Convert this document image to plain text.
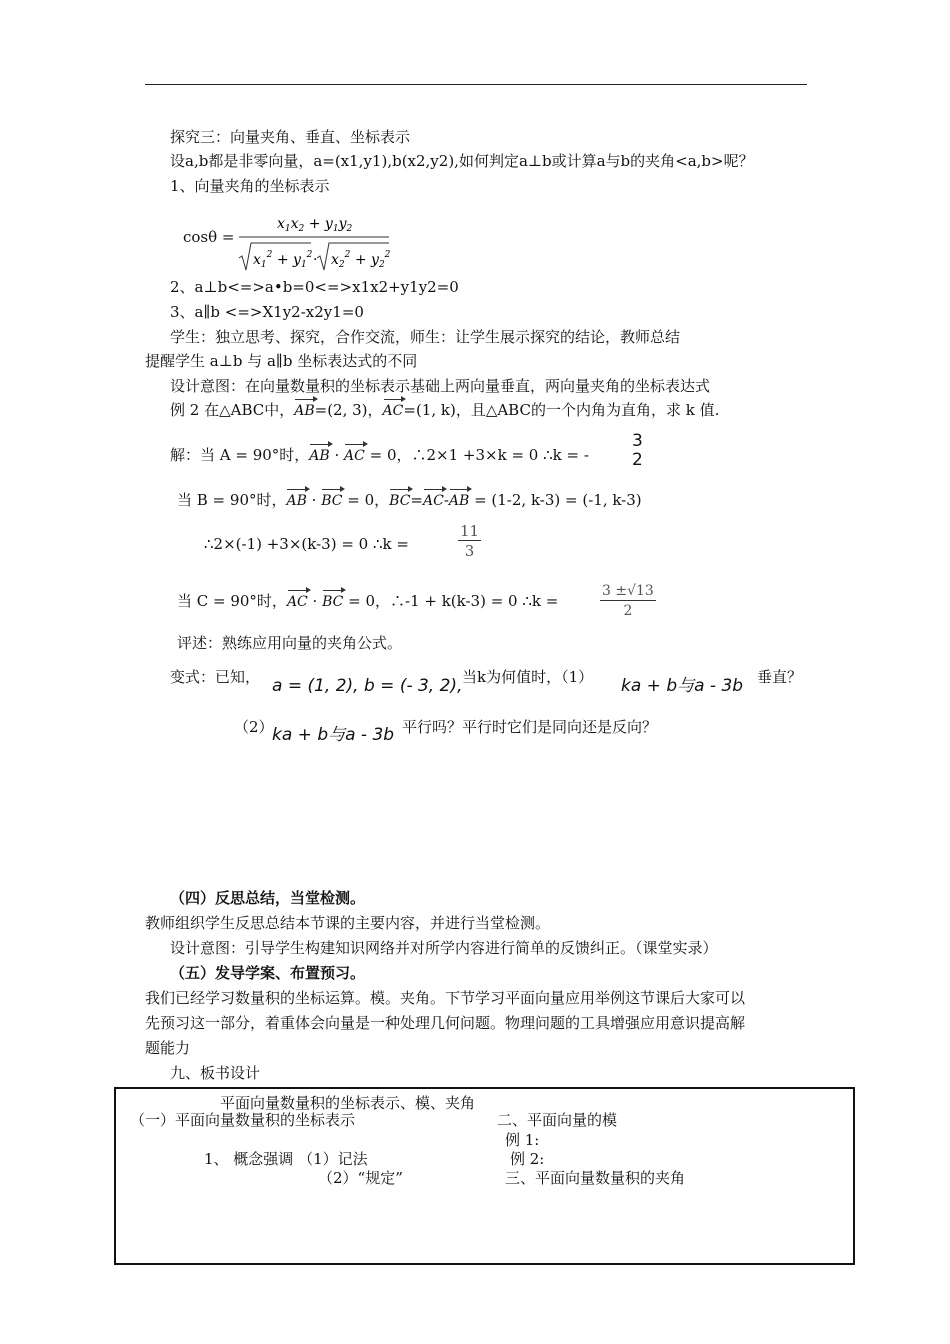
探究三：向量夹角、垂直、坐标表示
设a,b都是非零向量，a=(x1,y1),b(x2,y2),如何判定a⊥b或计算a与b的夹角<a,b>呢？
1、向量夹角的坐标表示
cosθ =
$x_1x_2 + y_1y_2$
$x_1^2 + y_1^2 \cdot x_2^2 + y_2^2$
2、a⊥b<=>a•b=0<=>x1x2+y1y2=0
3、a∥b <=>X1y2-x2y1=0
学生：独立思考、探究，合作交流，师生：让学生展示探究的结论，教师总结
提醒学生 a⊥b 与 a∥b 坐标表达式的不同
设计意图：在向量数量积的坐标表示基础上两向量垂直，两向量夹角的坐标表达式
例 2 在△ABC中，AB=(2, 3)，AC=(1, k)，且△ABC的一个内角为直角，求 k 值.
解：当 A = 90°时，AB · AC = 0，∴2×1 +3×k = 0 ∴k = -
3
2
当 B = 90°时，AB · BC = 0，BC=AC-AB = (1-2, k-3) = (-1, k-3)
∴2×(-1) +3×(k-3) = 0 ∴k =	$\frac{11}{3}$
当 C = 90°时，AC · BC = 0，∴-1 + k(k-3) = 0 ∴k =	$\frac{3 \pm√13}{2}$
评述：熟练应用向量的夹角公式。
变式：已知， a = (1, 2), b = (- 3, 2), 当k为何值时，（1） ka + b与a - 3b 垂直？
（2）
ka + b与a - 3b 平行吗？平行时它们是同向还是反向？
（四）反思总结，当堂检测。
教师组织学生反思总结本节课的主要内容，并进行当堂检测。
设计意图：引导学生构建知识网络并对所学内容进行简单的反馈纠正。（课堂实录）
（五）发导学案、布置预习。
我们已经学习数量积的坐标运算。模。夹角。下节学习平面向量应用举例这节课后大家可以
先预习这一部分，着重体会向量是一种处理几何问题。物理问题的工具增强应用意识提高解
题能力
九、板书设计
平面向量数量积的坐标表示、模、夹角
（一）平面向量数量积的坐标表示
1、 概念强调 （1）记法
（2）“规定”
二、平面向量的模
例 1:
例 2:
三、平面向量数量积的夹角
